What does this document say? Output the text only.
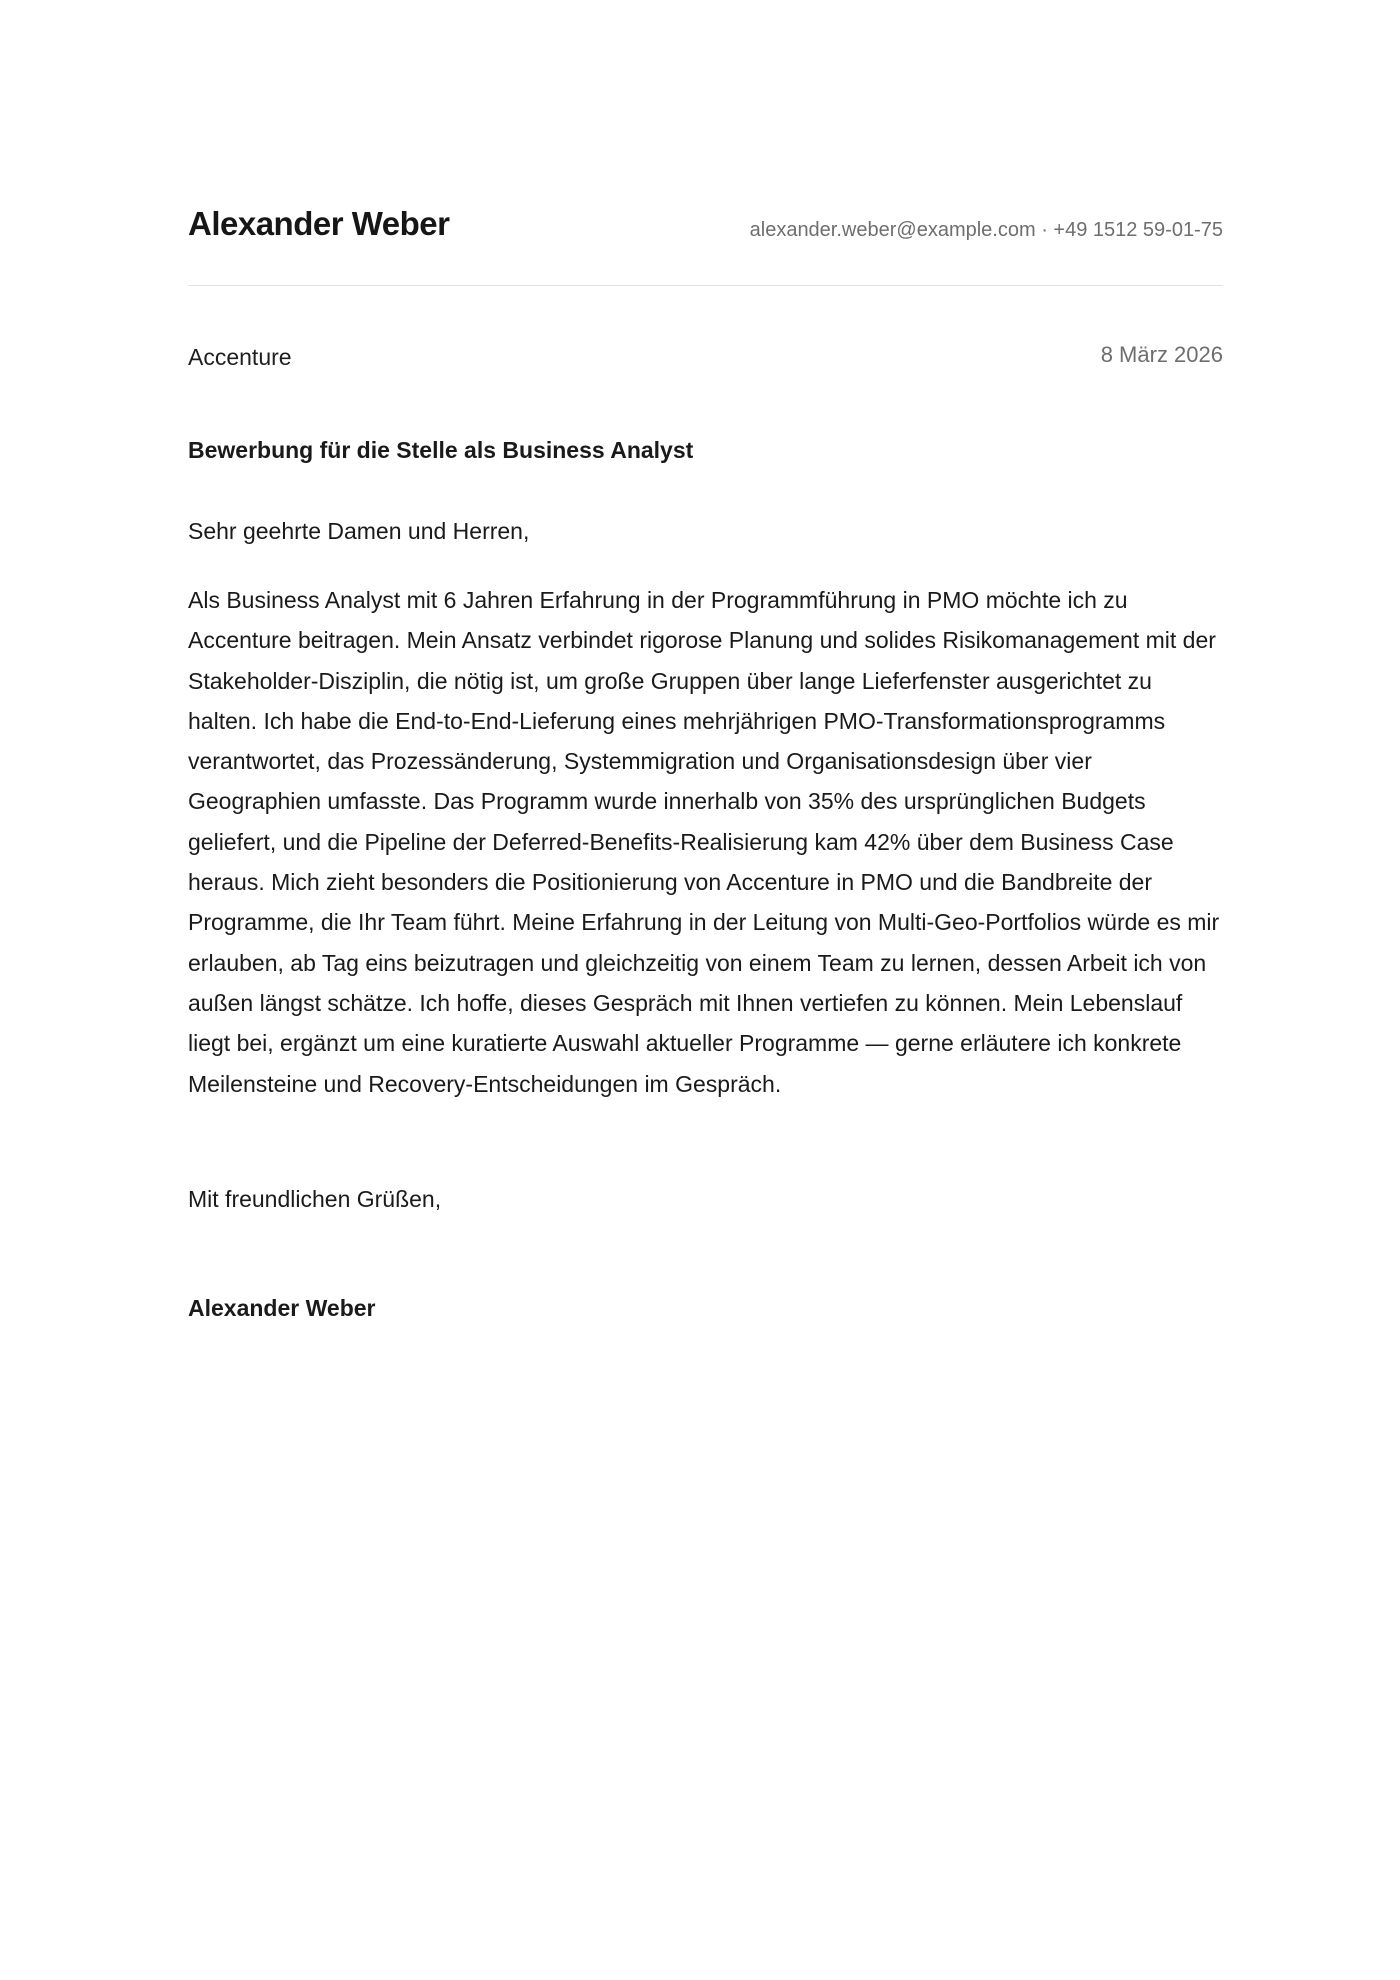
Alexander Weber	alexander.weber@example.com · +49 1512 59-01-75
Accenture	8 März 2026
Bewerbung für die Stelle als Business Analyst
Sehr geehrte Damen und Herren,
Als Business Analyst mit 6 Jahren Erfahrung in der Programmführung in PMO möchte ich zu Accenture beitragen. Mein Ansatz verbindet rigorose Planung und solides Risikomanagement mit der Stakeholder-Disziplin, die nötig ist, um große Gruppen über lange Lieferfenster ausgerichtet zu halten. Ich habe die End-to-End-Lieferung eines mehrjährigen PMO-Transformationsprogramms verantwortet, das Prozessänderung, Systemmigration und Organisationsdesign über vier Geographien umfasste. Das Programm wurde innerhalb von 35% des ursprünglichen Budgets geliefert, und die Pipeline der Deferred-Benefits-Realisierung kam 42% über dem Business Case heraus. Mich zieht besonders die Positionierung von Accenture in PMO und die Bandbreite der Programme, die Ihr Team führt. Meine Erfahrung in der Leitung von Multi-Geo-Portfolios würde es mir erlauben, ab Tag eins beizutragen und gleichzeitig von einem Team zu lernen, dessen Arbeit ich von außen längst schätze. Ich hoffe, dieses Gespräch mit Ihnen vertiefen zu können. Mein Lebenslauf liegt bei, ergänzt um eine kuratierte Auswahl aktueller Programme — gerne erläutere ich konkrete Meilensteine und Recovery-Entscheidungen im Gespräch.
Mit freundlichen Grüßen,
Alexander Weber
